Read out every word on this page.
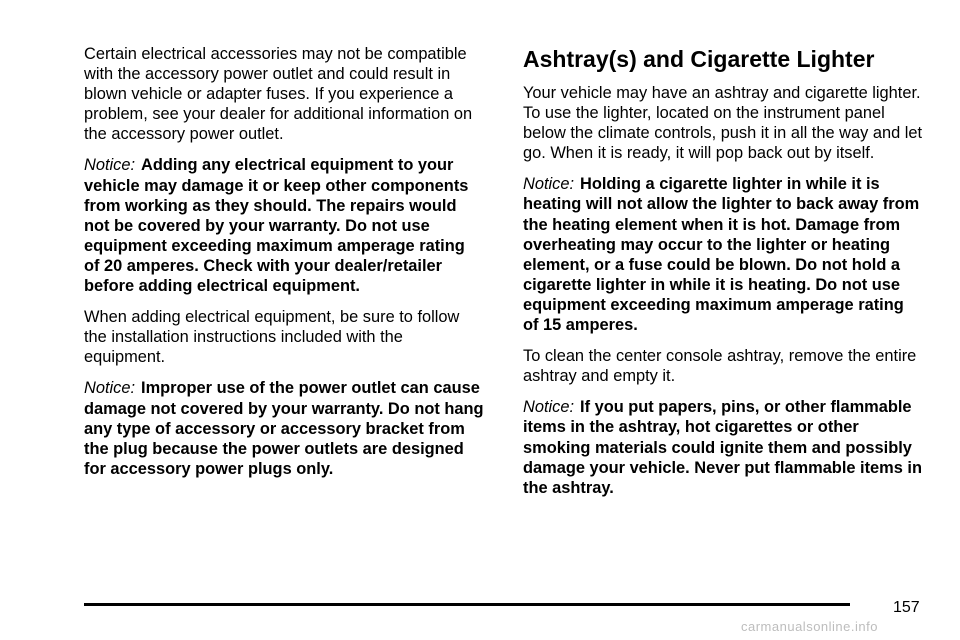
Certain electrical accessories may not be compatible with the accessory power outlet and could result in blown vehicle or adapter fuses. If you experience a problem, see your dealer for additional information on the accessory power outlet.

Notice: Adding any electrical equipment to your vehicle may damage it or keep other components from working as they should. The repairs would not be covered by your warranty. Do not use equipment exceeding maximum amperage rating of 20 amperes. Check with your dealer/retailer before adding electrical equipment.

When adding electrical equipment, be sure to follow the installation instructions included with the equipment.

Notice: Improper use of the power outlet can cause damage not covered by your warranty. Do not hang any type of accessory or accessory bracket from the plug because the power outlets are designed for accessory power plugs only.

Ashtray(s) and Cigarette Lighter

Your vehicle may have an ashtray and cigarette lighter. To use the lighter, located on the instrument panel below the climate controls, push it in all the way and let go. When it is ready, it will pop back out by itself.

Notice: Holding a cigarette lighter in while it is heating will not allow the lighter to back away from the heating element when it is hot. Damage from overheating may occur to the lighter or heating element, or a fuse could be blown. Do not hold a cigarette lighter in while it is heating. Do not use equipment exceeding maximum amperage rating of 15 amperes.

To clean the center console ashtray, remove the entire ashtray and empty it.

Notice: If you put papers, pins, or other flammable items in the ashtray, hot cigarettes or other smoking materials could ignite them and possibly damage your vehicle. Never put flammable items in the ashtray.

157
carmanualsonline.info
